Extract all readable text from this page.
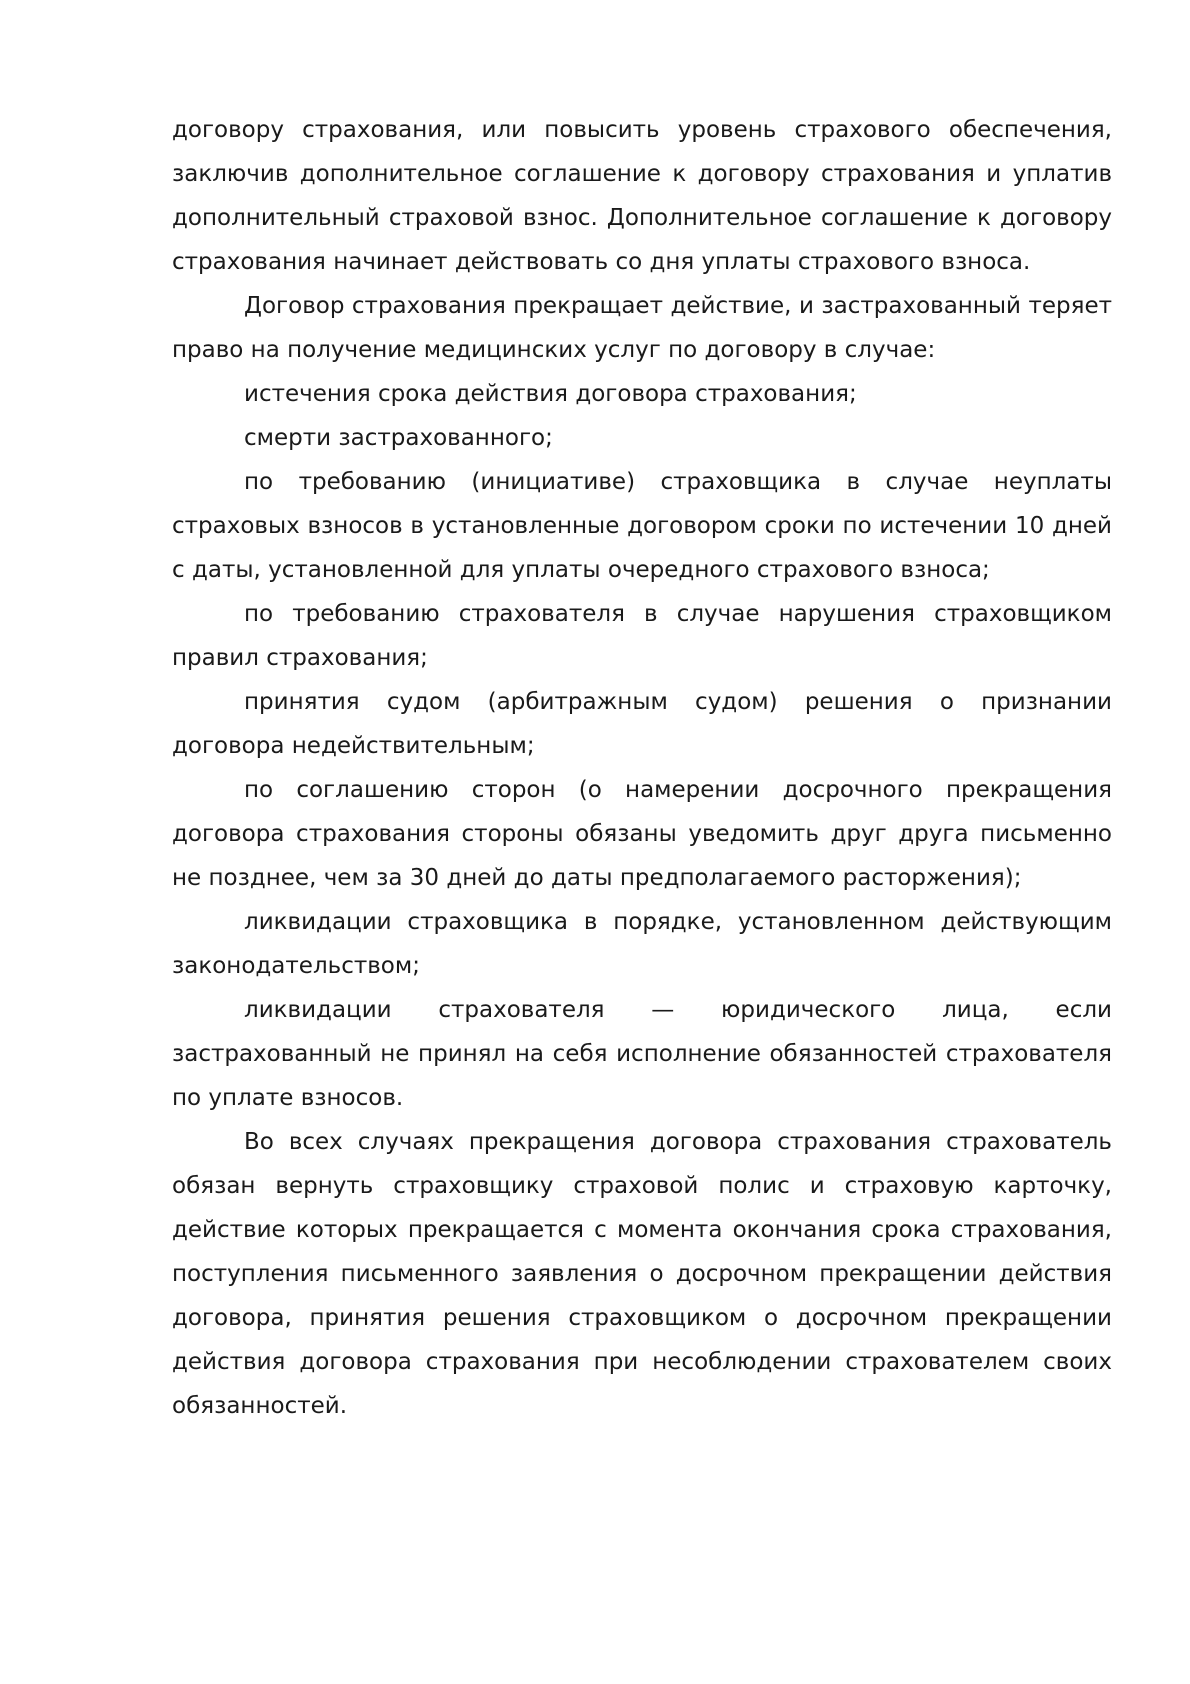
договору страхования, или повысить уровень страхового обеспечения, заключив дополнительное соглашение к договору страхования и уплатив дополнительный страховой взнос. Дополнительное соглашение к договору страхования начинает действовать со дня уплаты страхового взноса.

Договор страхования прекращает действие, и застрахованный теряет право на получение медицинских услуг по договору в случае:

истечения срока действия договора страхования;

смерти застрахованного;

по требованию (инициативе) страховщика в случае неуплаты страховых взносов в установленные договором сроки по истечении 10 дней с даты, установленной для уплаты очередного страхового взноса;

по требованию страхователя в случае нарушения страховщиком правил страхования;

принятия судом (арбитражным судом) решения о признании договора недействительным;

по соглашению сторон (о намерении досрочного прекращения договора страхования стороны обязаны уведомить друг друга письменно не позднее, чем за 30 дней до даты предполагаемого расторжения);

ликвидации страховщика в порядке, установленном действующим законодательством;

ликвидации страхователя — юридического лица, если застрахованный не принял на себя исполнение обязанностей страхователя по уплате взносов.

Во всех случаях прекращения договора страхования страхователь обязан вернуть страховщику страховой полис и страховую карточку, действие которых прекращается с момента окончания срока страхования, поступления письменного заявления о досрочном прекращении действия договора, принятия решения страховщиком о досрочном прекращении действия договора страхования при несоблюдении страхователем своих обязанностей.
